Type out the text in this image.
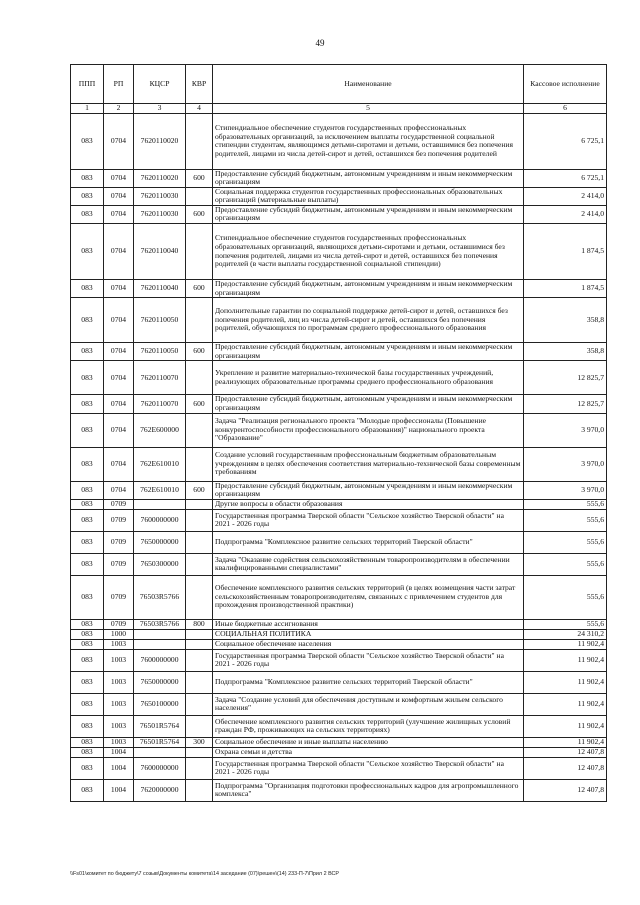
49
ППП	РП	КЦСР	КВР	Наименование	Кассовое исполнение
1	2	3	4	5	6
083	0704	7620110020		Стипендиальное обеспечение студентов государственных профессиональных образовательных организаций, за исключением выплаты государственной социальной стипендии студентам, являющимся детьми-сиротами и детьми, оставшимися без попечения родителей, лицами из числа детей-сирот и детей, оставшихся без попечения родителей	6 725,1
083	0704	7620110020	600	Предоставление субсидий бюджетным, автономным учреждениям и иным некоммерческим организациям	6 725,1
083	0704	7620110030		Социальная поддержка студентов государственных профессиональных образовательных организаций (материальные выплаты)	2 414,0
083	0704	7620110030	600	Предоставление субсидий бюджетным, автономным учреждениям и иным некоммерческим организациям	2 414,0
083	0704	7620110040		Стипендиальное обеспечение студентов государственных профессиональных образовательных организаций, являющихся детьми-сиротами и детьми, оставшимися без попечения родителей, лицами из числа детей-сирот и детей, оставшихся без попечения родителей (в части выплаты государственной социальной стипендии)	1 874,5
083	0704	7620110040	600	Предоставление субсидий бюджетным, автономным учреждениям и иным некоммерческим организациям	1 874,5
083	0704	7620110050		Дополнительные гарантии по социальной поддержке детей-сирот и детей, оставшихся без попечения родителей, лиц из числа детей-сирот и детей, оставшихся без попечения родителей, обучающихся по программам среднего профессионального образования	358,8
083	0704	7620110050	600	Предоставление субсидий бюджетным, автономным учреждениям и иным некоммерческим организациям	358,8
083	0704	7620110070		Укрепление и развитие материально-технической базы государственных учреждений, реализующих образовательные программы среднего профессионального образования	12 825,7
083	0704	7620110070	600	Предоставление субсидий бюджетным, автономным учреждениям и иным некоммерческим организациям	12 825,7
083	0704	762E600000		Задача "Реализация регионального проекта "Молодые профессионалы (Повышение конкурентоспособности профессионального образования)" национального проекта "Образование"	3 970,0
083	0704	762E610010		Создание условий государственным профессиональным бюджетным образовательным учреждениям в целях обеспечения соответствия материально-технической базы современным требованиям	3 970,0
083	0704	762E610010	600	Предоставление субсидий бюджетным, автономным учреждениям и иным некоммерческим организациям	3 970,0
083	0709			Другие вопросы в области образования	555,6
083	0709	7600000000		Государственная программа Тверской области "Сельское хозяйство Тверской области" на 2021 - 2026 годы	555,6
083	0709	7650000000		Подпрограмма "Комплексное развитие сельских территорий Тверской области"	555,6
083	0709	7650300000		Задача "Оказание содействия сельскохозяйственным товаропроизводителям в обеспечении квалифицированными специалистами"	555,6
083	0709	76503R5766		Обеспечение комплексного развития сельских территорий (в целях возмещения части затрат сельскохозяйственным товаропроизводителям, связанных с привлечением студентов для прохождения производственной практики)	555,6
083	0709	76503R5766	800	Иные бюджетные ассигнования	555,6
083	1000			СОЦИАЛЬНАЯ ПОЛИТИКА	24 310,2
083	1003			Социальное обеспечение населения	11 902,4
083	1003	7600000000		Государственная программа Тверской области "Сельское хозяйство Тверской области" на 2021 - 2026 годы	11 902,4
083	1003	7650000000		Подпрограмма "Комплексное развитие сельских территорий Тверской области"	11 902,4
083	1003	7650100000		Задача "Создание условий для обеспечения доступным и комфортным жильем сельского населения"	11 902,4
083	1003	76501R5764		Обеспечение комплексного развития сельских территорий (улучшение жилищных условий граждан РФ, проживающих на сельских территориях)	11 902,4
083	1003	76501R5764	300	Социальное обеспечение и иные выплаты населению	11 902,4
083	1004			Охрана семьи и детства	12 407,8
083	1004	7600000000		Государственная программа Тверской области "Сельское хозяйство Тверской области" на 2021 - 2026 годы	12 407,8
083	1004	7620000000		Подпрограмма "Организация подготовки профессиональных кадров для агропромышленного комплекса"	12 407,8
\\Fs01\комитет по бюджету\7 созыв\Документы комитета\14 заседание (07)\решен\(14) 233-П-7\Прил 2 ВСР
